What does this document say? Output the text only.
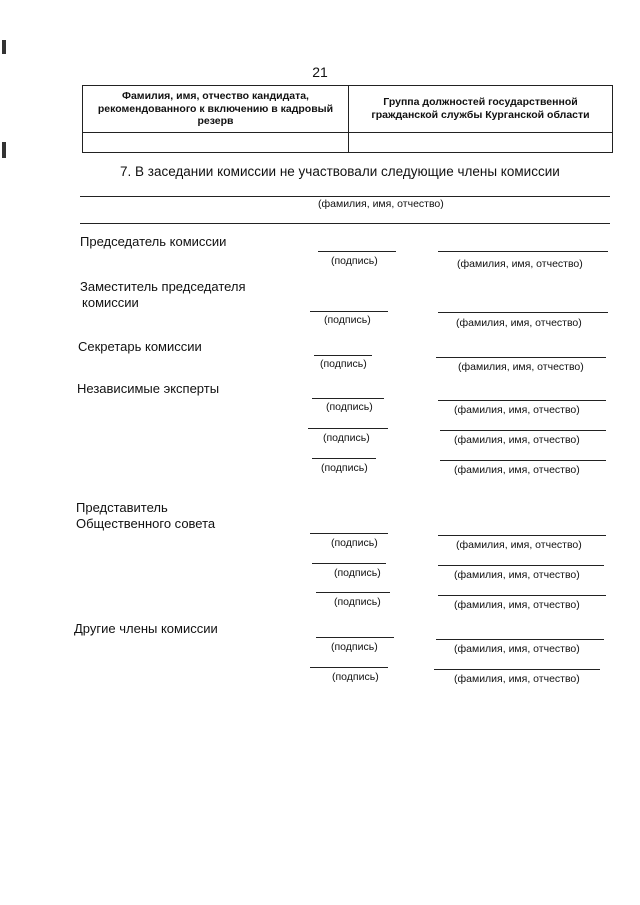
21
Фамилия, имя, отчество кандидата, рекомендованного к включению в кадровый резерв	Группа должностей государственной гражданской службы Курганской области

7. В заседании комиссии не участвовали следующие члены комиссии
(фамилия, имя, отчество)
Председатель комиссии
(подпись)	(фамилия, имя, отчество)
Заместитель председателя
комиссии
(подпись)	(фамилия, имя, отчество)
Секретарь комиссии
(подпись)	(фамилия, имя, отчество)
Независимые эксперты
(подпись)	(фамилия, имя, отчество)
(подпись)	(фамилия, имя, отчество)
(подпись)	(фамилия, имя, отчество)
Представитель
Общественного совета
(подпись)	(фамилия, имя, отчество)
(подпись)	(фамилия, имя, отчество)
(подпись)	(фамилия, имя, отчество)
Другие члены комиссии
(подпись)	(фамилия, имя, отчество)
(подпись)	(фамилия, имя, отчество)
